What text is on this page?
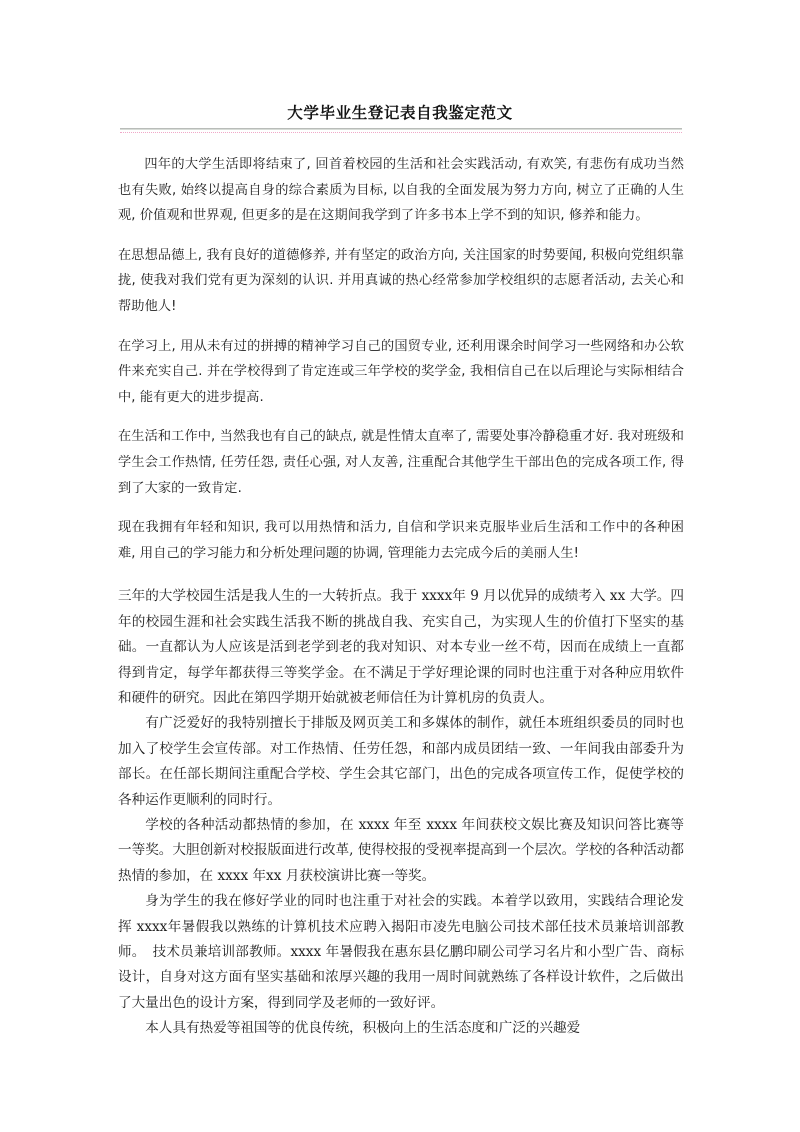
大学毕业生登记表自我鉴定范文

四年的大学生活即将结束了, 回首着校园的生活和社会实践活动, 有欢笑, 有悲伤有成功当然也有失败, 始终以提高自身的综合素质为目标, 以自我的全面发展为努力方向, 树立了正确的人生观, 价值观和世界观, 但更多的是在这期间我学到了许多书本上学不到的知识, 修养和能力。

在思想品德上, 我有良好的道德修养, 并有坚定的政治方向, 关注国家的时势要闻, 积极向党组织靠拢, 使我对我们党有更为深刻的认识. 并用真诚的热心经常参加学校组织的志愿者活动, 去关心和帮助他人!

在学习上, 用从未有过的拼搏的精神学习自己的国贸专业, 还利用课余时间学习一些网络和办公软件来充实自己. 并在学校得到了肯定连或三年学校的奖学金, 我相信自己在以后理论与实际相结合中, 能有更大的进步提高.

在生活和工作中, 当然我也有自己的缺点, 就是性情太直率了, 需要处事冷静稳重才好. 我对班级和学生会工作热情, 任劳任怨, 责任心强, 对人友善, 注重配合其他学生干部出色的完成各项工作, 得到了大家的一致肯定.

现在我拥有年轻和知识, 我可以用热情和活力, 自信和学识来克服毕业后生活和工作中的各种困难, 用自己的学习能力和分析处理问题的协调, 管理能力去完成今后的美丽人生!

三年的大学校园生活是我人生的一大转折点。我于 xxxx年 9 月以优异的成绩考入 xx 大学。四年的校园生涯和社会实践生活我不断的挑战自我、充实自己，为实现人生的价值打下坚实的基 础。一直都认为人应该是活到老学到老的我对知识、对本专业一丝不苟，因而在成绩上一直都得到肯定，每学年都获得三等奖学金。在不满足于学好理论课的同时也注重于对各种应用软件和硬件的研究。因此在第四学期开始就被老师信任为计算机房的负责人。

有广泛爱好的我特别擅长于排版及网页美工和多媒体的制作，就任本班组织委员的同时也加入了校学生会宣传部。对工作热情、任劳任怨，和部内成员团结一致、一年间我由部委升为部长。在任部长期间注重配合学校、学生会其它部门，出色的完成各项宣传工作，促使学校的各种运作更顺利的同时行。

学校的各种活动都热情的参加，在 xxxx 年至 xxxx 年间获校文娱比赛及知识问答比赛等一等奖。大胆创新对校报版面进行改革, 使得校报的受视率提高到一个层次。学校的各种活动都热情的参加，在 xxxx 年xx 月获校演讲比赛一等奖。

身为学生的我在修好学业的同时也注重于对社会的实践。本着学以致用，实践结合理论发挥 xxxx年暑假我以熟练的计算机技术应聘入揭阳市凌先电脑公司技术部任技术员兼培训部教师。　技术员兼培训部教师。xxxx 年暑假我在惠东县亿鹏印刷公司学习名片和小型广告、商标设计，自身对这方面有坚实基础和浓厚兴趣的我用一周时间就熟练了各样设计软件，之后做出了大量出色的设计方案，得到同学及老师的一致好评。

本人具有热爱等祖国等的优良传统，积极向上的生活态度和广泛的兴趣爱
